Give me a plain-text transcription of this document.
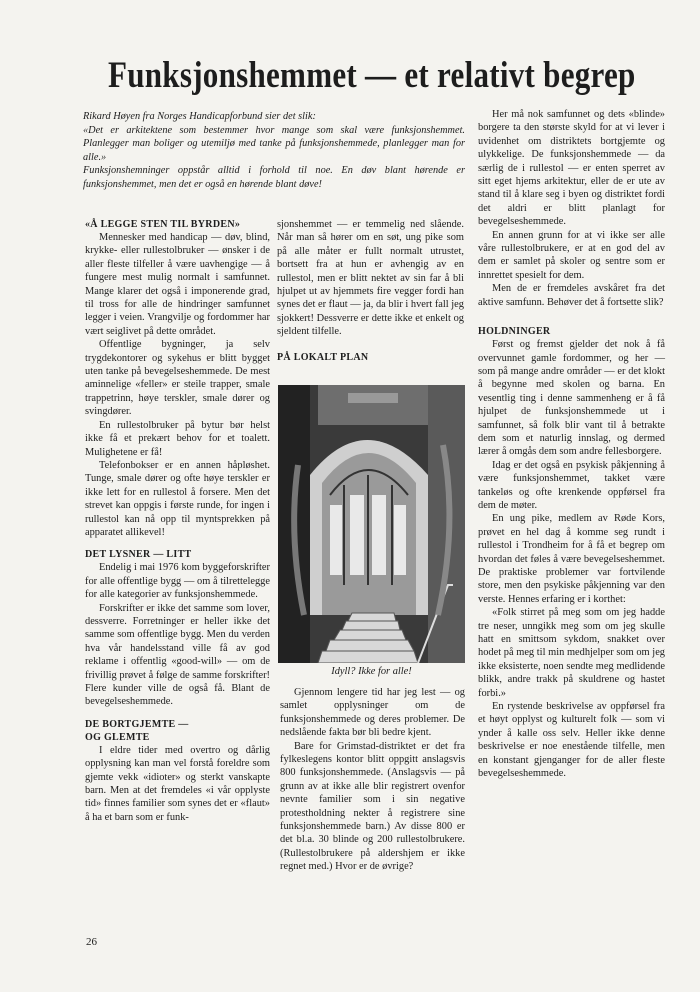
Funksjonshemmet — et relativt begrep

Rikard Høyen fra Norges Handicapforbund sier det slik:

«Det er arkitektene som bestemmer hvor mange som skal være funksjonshemmet. Planlegger man boliger og utemiljø med tanke på funksjonshemmede, planlegger man for alle.»

Funksjonshemninger oppstår alltid i forhold til noe. En døv blant hørende er funksjonshemmet, men det er også en hørende blant døve!

«Å LEGGE STEN TIL BYRDEN»

Mennesker med handicap — døv, blind, krykke- eller rullestolbruker — ønsker i de aller fleste tilfeller å være uavhengige — å fungere mest mulig normalt i samfunnet. Mange klarer det også i imponerende grad, til tross for alle de hindringer samfunnet legger i veien. Vrangvilje og fordommer har vært seiglivet på dette området.

Offentlige bygninger, ja selv trygdekontorer og sykehus er blitt bygget uten tanke på bevegelseshemmede. De mest aminnelige «feller» er steile trapper, smale trappetrinn, høye terskler, smale dører og svingdører.

En rullestolbruker på bytur bør helst ikke få et prekært behov for et toalett. Mulighetene er få!

Telefonbokser er en annen håpløshet. Tunge, smale dører og ofte høye terskler er ikke lett for en rullestol å forsere. Men det strevet kan oppgis i første runde, for ingen i rullestol kan nå opp til myntsprekken på apparatet allikevel!

DET LYSNER — LITT

Endelig i mai 1976 kom byggeforskrifter for alle offentlige bygg — om å tilrettelegge for alle kategorier av funksjonshemmede.

Forskrifter er ikke det samme som lover, dessverre. Forretninger er heller ikke det samme som offentlige bygg. Men du verden hva vår handelsstand ville få av god reklame i offentlig «good-will» — om de frivillig prøvet å følge de samme forskrifter! Flere kunder ville de også få. Blant de bevegelseshemmede.

DE BORTGJEMTE —
OG GLEMTE

I eldre tider med overtro og dårlig opplysning kan man vel forstå foreldre som gjemte vekk «idioter» og sterkt vanskapte barn. Men at det fremdeles «i vår opplyste tid» finnes familier som synes det er «flaut» å ha et barn som er funk-

sjonshemmet — er temmelig ned slående. Når man så hører om en søt, ung pike som på alle måter er fullt normalt utrustet, bortsett fra at hun er avhengig av en rullestol, men er blitt nektet av sin far å bli hjulpet ut av hjemmets fire vegger fordi han synes det er flaut — ja, da blir i hvert fall jeg sjokkert! Dessverre er dette ikke et enkelt og sjeldent tilfelle.

PÅ LOKALT PLAN
Idyll? Ikke for alle!

Gjennom lengere tid har jeg lest — og samlet opplysninger om de funksjonshemmede og deres problemer. De nedslående fakta bør bli bedre kjent.

Bare for Grimstad-distriktet er det fra fylkeslegens kontor blitt oppgitt anslagsvis 800 funksjonshemmede. (Anslagsvis — på grunn av at ikke alle blir registrert ovenfor nevnte familier som i sin negative protestholdning nekter å registrere sine funksjonshemmede barn.) Av disse 800 er det bl.a. 30 blinde og 200 rullestolbrukere. (Rullestolbrukere på aldershjem er ikke regnet med.) Hvor er de øvrige?

Her må nok samfunnet og dets «blinde» borgere ta den største skyld for at vi lever i uvidenhet om distriktets bortgjemte og ulykkelige. De funksjonshemmede — da særlig de i rullestol — er enten sperret av sitt eget hjems arkitektur, eller de er ute av stand til å klare seg i byen og distriktet fordi det aldri er blitt planlagt for bevegelseshemmede.

En annen grunn for at vi ikke ser alle våre rullestolbrukere, er at en god del av dem er samlet på skoler og sentre som er innrettet spesielt for dem.

Men de er fremdeles avskåret fra det aktive samfunn. Behøver det å fortsette slik?

HOLDNINGER

Først og fremst gjelder det nok å få overvunnet gamle fordommer, og her — som på mange andre områder — er det klokt å begynne med skolen og barna. En vesentlig ting i denne sammenheng er å få hjulpet de funksjonshemmede ut i samfunnet, så folk blir vant til å betrakte dem som et naturlig innslag, og dermed lærer å omgås dem som andre fellesborgere.

Idag er det også en psykisk påkjenning å være funksjonshemmet, takket være tankeløs og ofte krenkende oppførsel fra dem de møter.

En ung pike, medlem av Røde Kors, prøvet en hel dag å komme seg rundt i rullestol i Trondheim for å få et begrep om hvordan det føles å være bevegelseshemmet. De praktiske problemer var fortvilende store, men den psykiske påkjenning var den verste. Hennes erfaring er i korthet:

«Folk stirret på meg som om jeg hadde tre neser, unngikk meg som om jeg skulle hatt en smittsom sykdom, snakket over hodet på meg til min medhjelper som om jeg ikke eksisterte, noen sendte meg medlidende blikk, andre trakk på skuldrene og hastet forbi.»

En rystende beskrivelse av oppførsel fra et høyt opplyst og kulturelt folk — som vi ynder å kalle oss selv. Heller ikke denne beskrivelse er noe enestående tilfelle, men en konstant gjenganger for de aller fleste bevegelseshemmede.

26
